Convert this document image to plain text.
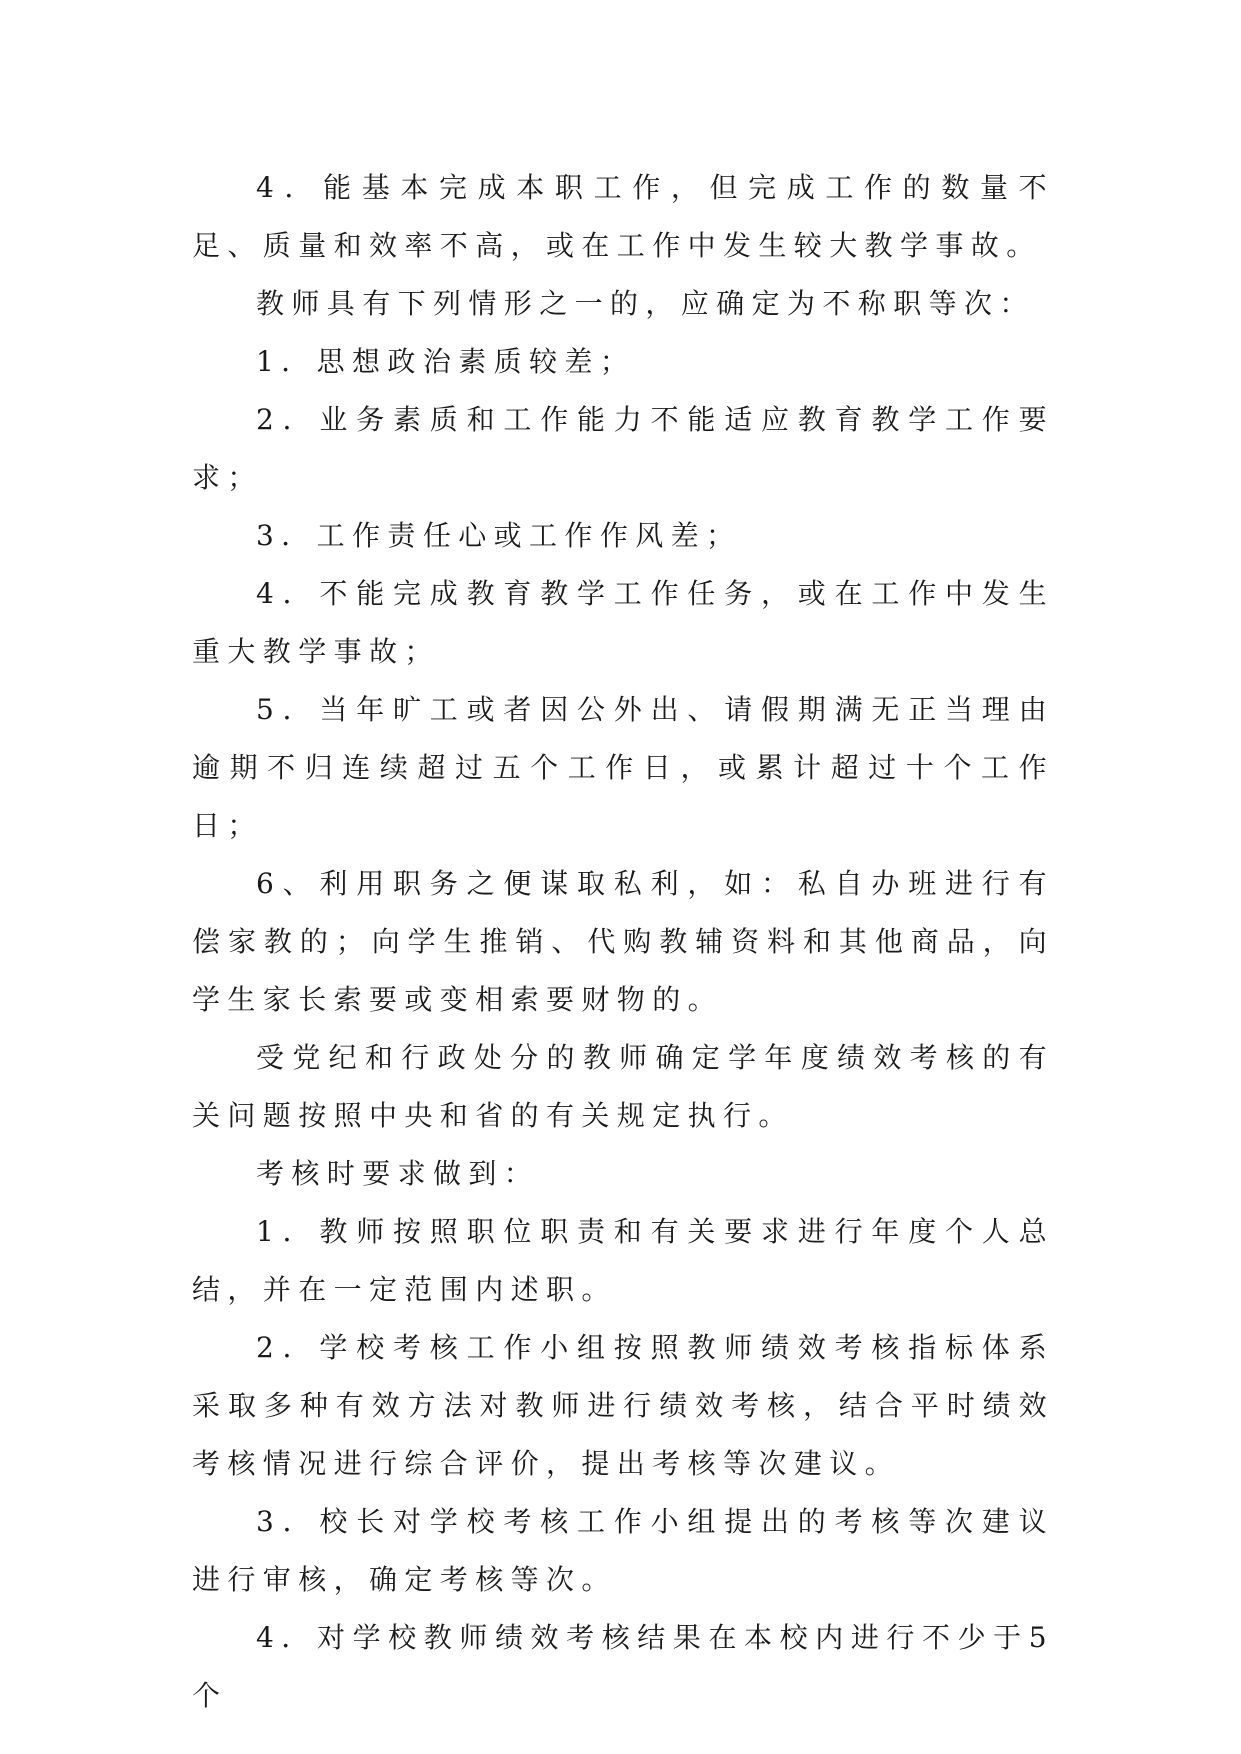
4．能基本完成本职工作，但完成工作的数量不足、质量和效率不高，或在工作中发生较大教学事故。

教师具有下列情形之一的，应确定为不称职等次：

1．思想政治素质较差；

2．业务素质和工作能力不能适应教育教学工作要求；

3．工作责任心或工作作风差；

4．不能完成教育教学工作任务，或在工作中发生重大教学事故；

5．当年旷工或者因公外出、请假期满无正当理由逾期不归连续超过五个工作日，或累计超过十个工作日；

6、利用职务之便谋取私利，如：私自办班进行有偿家教的；向学生推销、代购教辅资料和其他商品，向学生家长索要或变相索要财物的。

受党纪和行政处分的教师确定学年度绩效考核的有关问题按照中央和省的有关规定执行。

考核时要求做到：

1．教师按照职位职责和有关要求进行年度个人总结，并在一定范围内述职。

2．学校考核工作小组按照教师绩效考核指标体系采取多种有效方法对教师进行绩效考核，结合平时绩效考核情况进行综合评价，提出考核等次建议。

3．校长对学校考核工作小组提出的考核等次建议进行审核，确定考核等次。

4．对学校教师绩效考核结果在本校内进行不少于5个
